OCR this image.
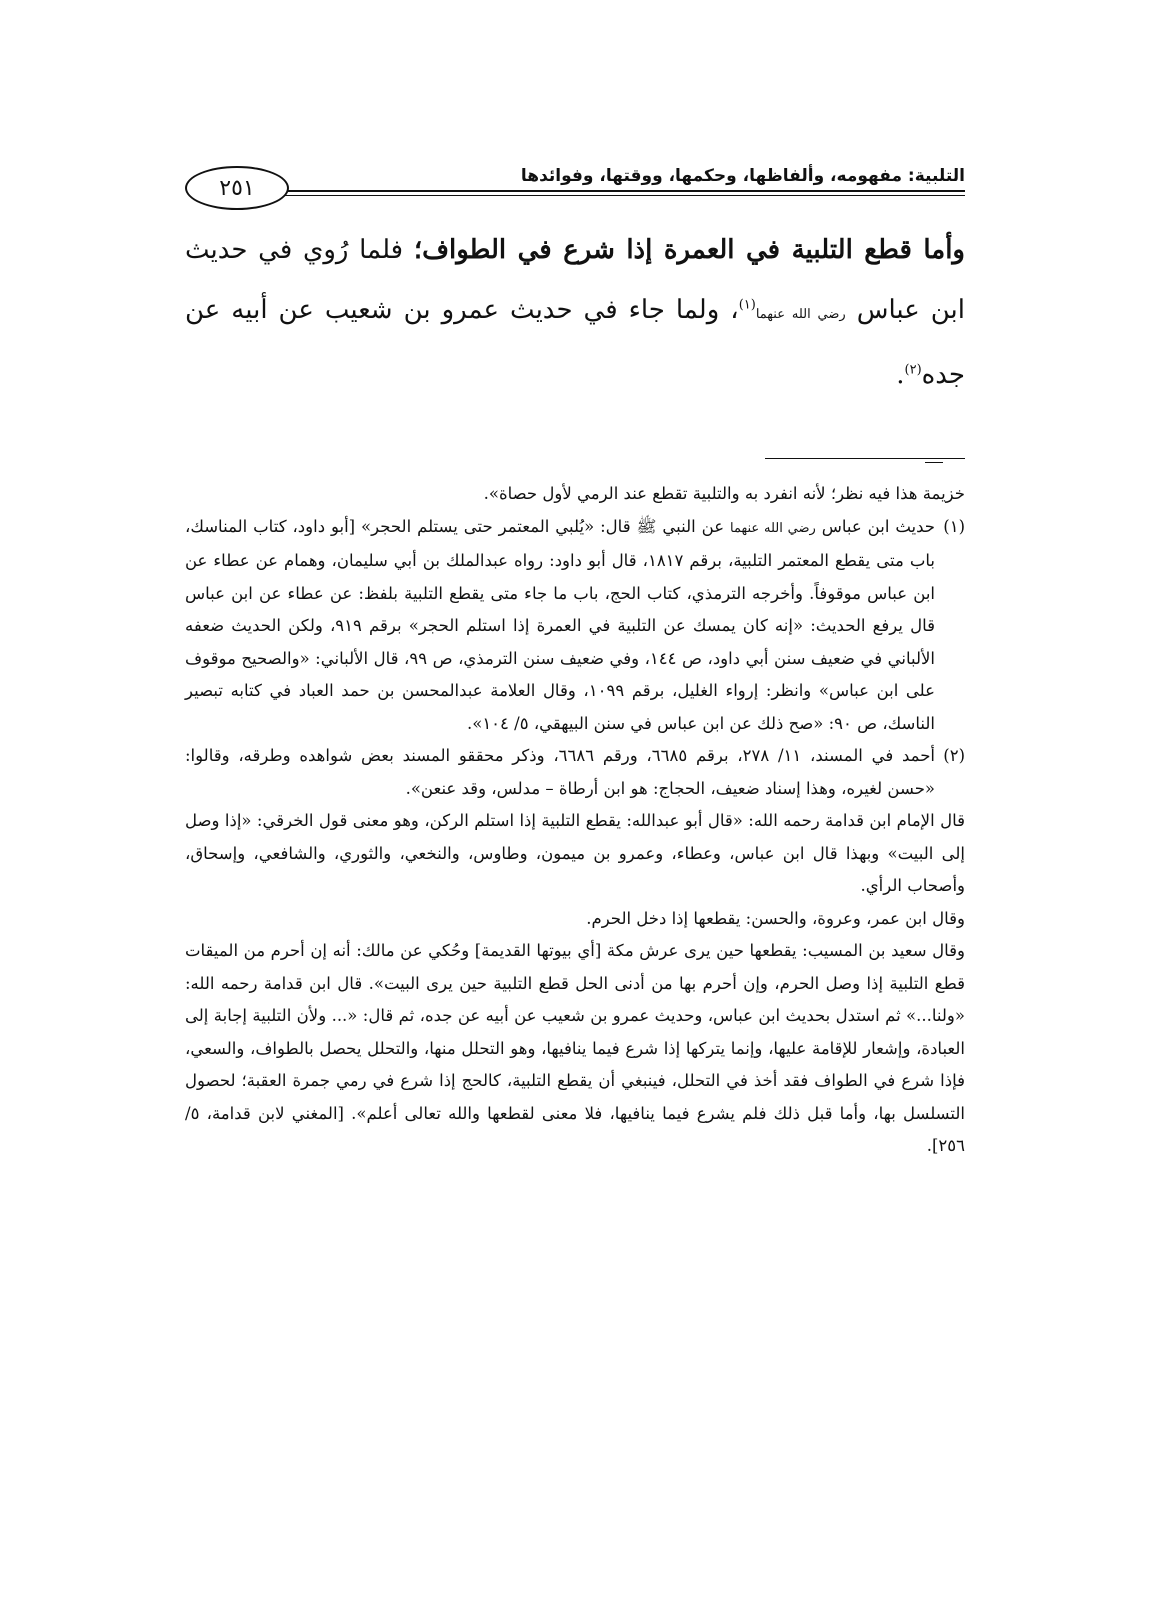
التلبية: مفهومه، وألفاظها، وحكمها، ووقتها، وفوائدها
٢٥١
وأما قطع التلبية في العمرة إذا شرع في الطواف؛ فلما رُوي في حديث ابن عباس رضي الله عنهما$^{(١)}$، ولما جاء في حديث عمرو بن شعيب عن أبيه عن جده$^{(٢)}$.

خزيمة هذا فيه نظر؛ لأنه انفرد به والتلبية تقطع عند الرمي لأول حصاة».

(١)حديث ابن عباس رضي الله عنهما عن النبي ﷺ قال: «يُلبي المعتمر حتى يستلم الحجر» [أبو داود، كتاب المناسك، باب متى يقطع المعتمر التلبية، برقم ١٨١٧، قال أبو داود: رواه عبدالملك بن أبي سليمان، وهمام عن عطاء عن ابن عباس موقوفاً. وأخرجه الترمذي، كتاب الحج، باب ما جاء متى يقطع التلبية بلفظ: عن عطاء عن ابن عباس قال يرفع الحديث: «إنه كان يمسك عن التلبية في العمرة إذا استلم الحجر» برقم ٩١٩، ولكن الحديث ضعفه الألباني في ضعيف سنن أبي داود، ص ١٤٤، وفي ضعيف سنن الترمذي، ص ٩٩، قال الألباني: «والصحيح موقوف على ابن عباس» وانظر: إرواء الغليل، برقم ١٠٩٩، وقال العلامة عبدالمحسن بن حمد العباد في كتابه تبصير الناسك، ص ٩٠: «صح ذلك عن ابن عباس في سنن البيهقي، ٥/ ١٠٤».

(٢)أحمد في المسند، ١١/ ٢٧٨، برقم ٦٦٨٥، ورقم ٦٦٨٦، وذكر محققو المسند بعض شواهده وطرقه، وقالوا: «حسن لغيره، وهذا إسناد ضعيف، الحجاج: هو ابن أرطاة – مدلس، وقد عنعن».

قال الإمام ابن قدامة رحمه الله: «قال أبو عبدالله: يقطع التلبية إذا استلم الركن، وهو معنى قول الخرقي: «إذا وصل إلى البيت» وبهذا قال ابن عباس، وعطاء، وعمرو بن ميمون، وطاوس، والنخعي، والثوري، والشافعي، وإسحاق، وأصحاب الرأي.

وقال ابن عمر، وعروة، والحسن: يقطعها إذا دخل الحرم.

وقال سعيد بن المسيب: يقطعها حين يرى عرش مكة [أي بيوتها القديمة] وحُكي عن مالك: أنه إن أحرم من الميقات قطع التلبية إذا وصل الحرم، وإن أحرم بها من أدنى الحل قطع التلبية حين يرى البيت». قال ابن قدامة رحمه الله: «ولنا...» ثم استدل بحديث ابن عباس، وحديث عمرو بن شعيب عن أبيه عن جده، ثم قال: «... ولأن التلبية إجابة إلى العبادة، وإشعار للإقامة عليها، وإنما يتركها إذا شرع فيما ينافيها، وهو التحلل منها، والتحلل يحصل بالطواف، والسعي، فإذا شرع في الطواف فقد أخذ في التحلل، فينبغي أن يقطع التلبية، كالحج إذا شرع في رمي جمرة العقبة؛ لحصول التسلسل بها، وأما قبل ذلك فلم يشرع فيما ينافيها، فلا معنى لقطعها والله تعالى أعلم». [المغني لابن قدامة، ٥/ ٢٥٦].
